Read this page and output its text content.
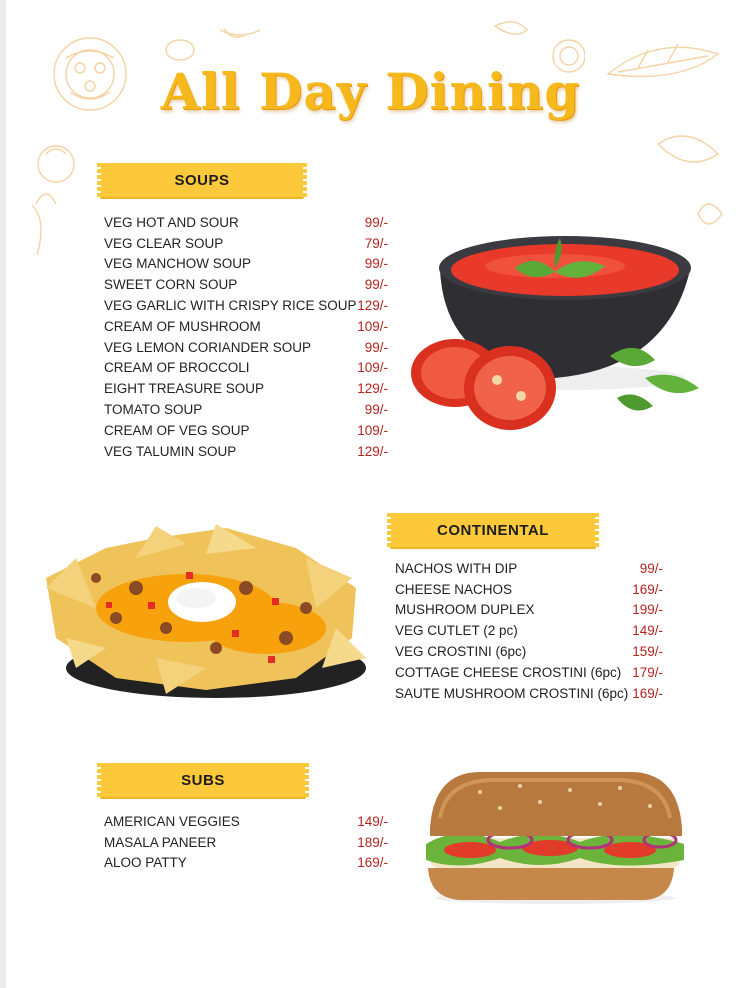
All Day Dining
SOUPS
VEG HOT AND SOUR	99/-
VEG CLEAR SOUP	79/-
VEG MANCHOW SOUP	99/-
SWEET CORN SOUP	99/-
VEG GARLIC WITH CRISPY RICE SOUP 129/-
CREAM OF MUSHROOM	109/-
VEG LEMON CORIANDER SOUP	99/-
CREAM OF BROCCOLI	109/-
EIGHT TREASURE SOUP	129/-
TOMATO SOUP	99/-
CREAM OF VEG SOUP	109/-
VEG TALUMIN SOUP	129/-
CONTINENTAL
NACHOS WITH DIP	99/-
CHEESE NACHOS	169/-
MUSHROOM DUPLEX	199/-
VEG CUTLET (2 pc)	149/-
VEG CROSTINI (6pc)	159/-
COTTAGE CHEESE CROSTINI (6pc) 179/-
SAUTE MUSHROOM CROSTINI (6pc) 169/-
SUBS
AMERICAN VEGGIES	149/-
MASALA PANEER	189/-
ALOO PATTY	169/-
